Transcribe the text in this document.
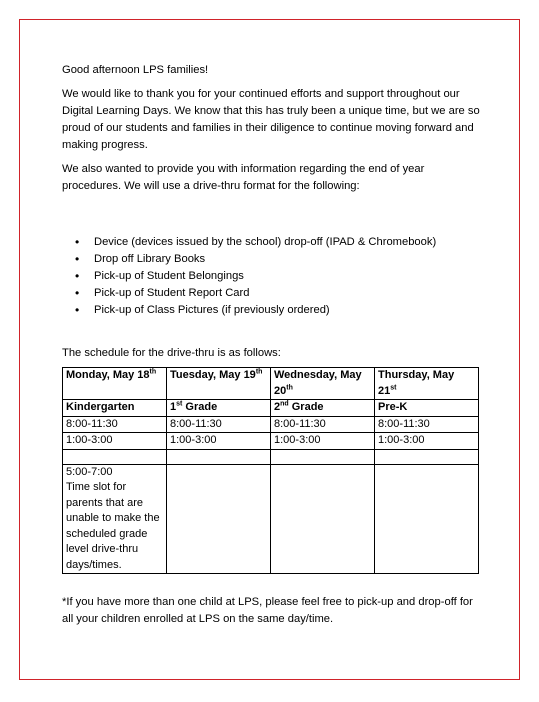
Good afternoon LPS families!

We would like to thank you for your continued efforts and support throughout our Digital Learning Days. We know that this has truly been a unique time, but we are so proud of our students and families in their diligence to continue moving forward and making progress.

We also wanted to provide you with information regarding the end of year procedures. We will use a drive-thru format for the following:

• Device (devices issued by the school) drop-off (IPAD & Chromebook)
• Drop off Library Books
• Pick-up of Student Belongings
• Pick-up of Student Report Card
• Pick-up of Class Pictures (if previously ordered)

The schedule for the drive-thru is as follows:

Monday, May 18th	Tuesday, May 19th	Wednesday, May 20th	Thursday, May 21st
Kindergarten	1st Grade	2nd Grade	Pre-K
8:00-11:30	8:00-11:30	8:00-11:30	8:00-11:30
1:00-3:00	1:00-3:00	1:00-3:00	1:00-3:00

5:00-7:00
Time slot for parents that are unable to make the scheduled grade level drive-thru days/times.			

*If you have more than one child at LPS, please feel free to pick-up and drop-off for all your children enrolled at LPS on the same day/time.
